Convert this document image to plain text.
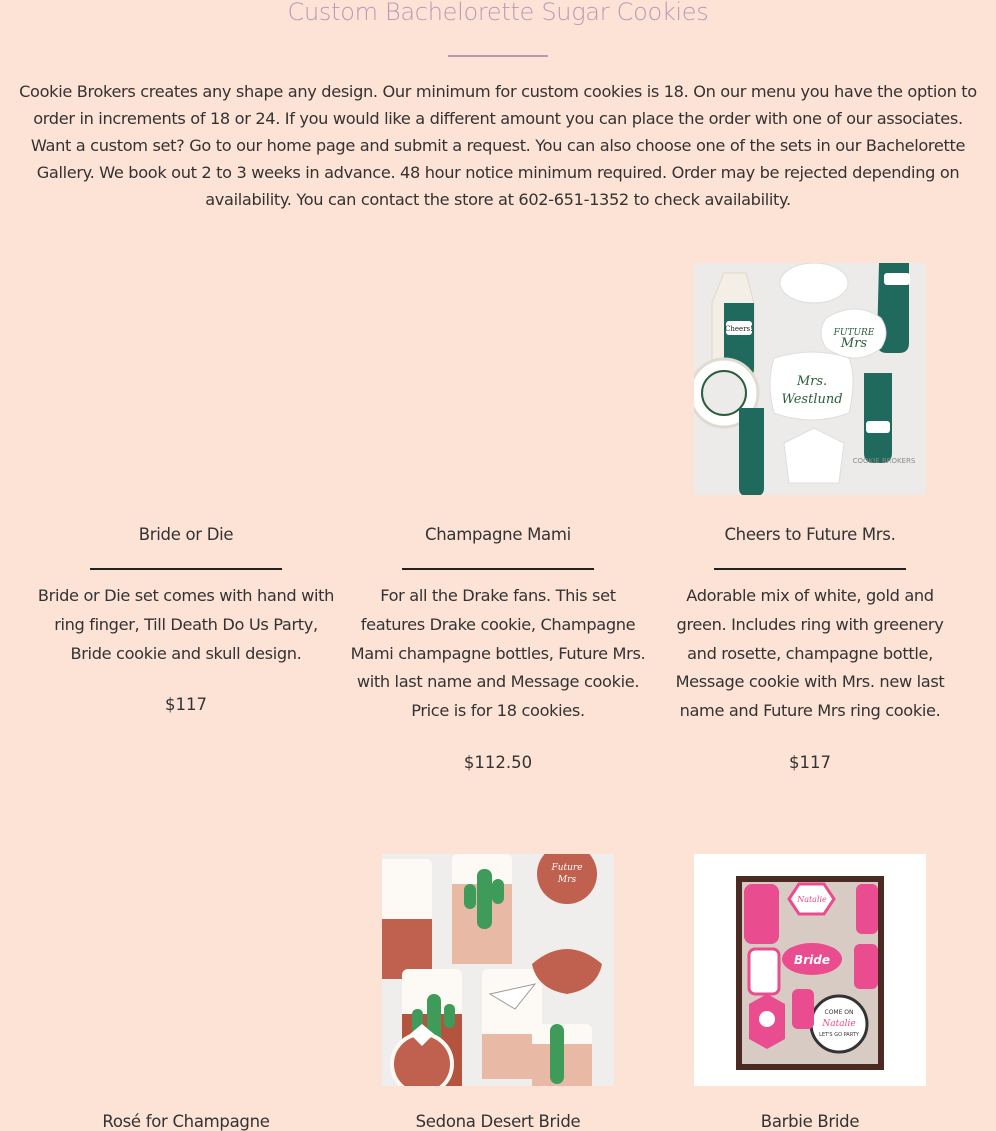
Custom Bachelorette Sugar Cookies
Cookie Brokers creates any shape any design. Our minimum for custom cookies is 18. On our menu you have the option to order in increments of 18 or 24. If you would like a different amount you can place the order with one of our associates. Want a custom set? Go to our home page and submit a request. You can also choose one of the sets in our Bachelorette Gallery. We book out 2 to 3 weeks in advance. 48 hour notice minimum required. Order may be rejected depending on availability. You can contact the store at 602-651-1352 to check availability.
Bride or Die
Bride or Die set comes with hand with ring finger, Till Death Do Us Party, Bride cookie and skull design.
$117
Champagne Mami
For all the Drake fans. This set features Drake cookie, Champagne Mami champagne bottles, Future Mrs. with last name and Message cookie. Price is for 18 cookies.
$112.50
Cheers!	FUTURE
Mrs
Mrs.
Westlund
COOKIE BROKERS
Cheers to Future Mrs.
Adorable mix of white, gold and green. Includes ring with greenery and rosette, champagne bottle, Message cookie with Mrs. new last name and Future Mrs ring cookie.
$117
Rosé for Champagne
Future
Mrs
Sedona Desert Bride
Natalie
Bride
COME ON
Natalie
LET'S GO PARTY
Barbie Bride
